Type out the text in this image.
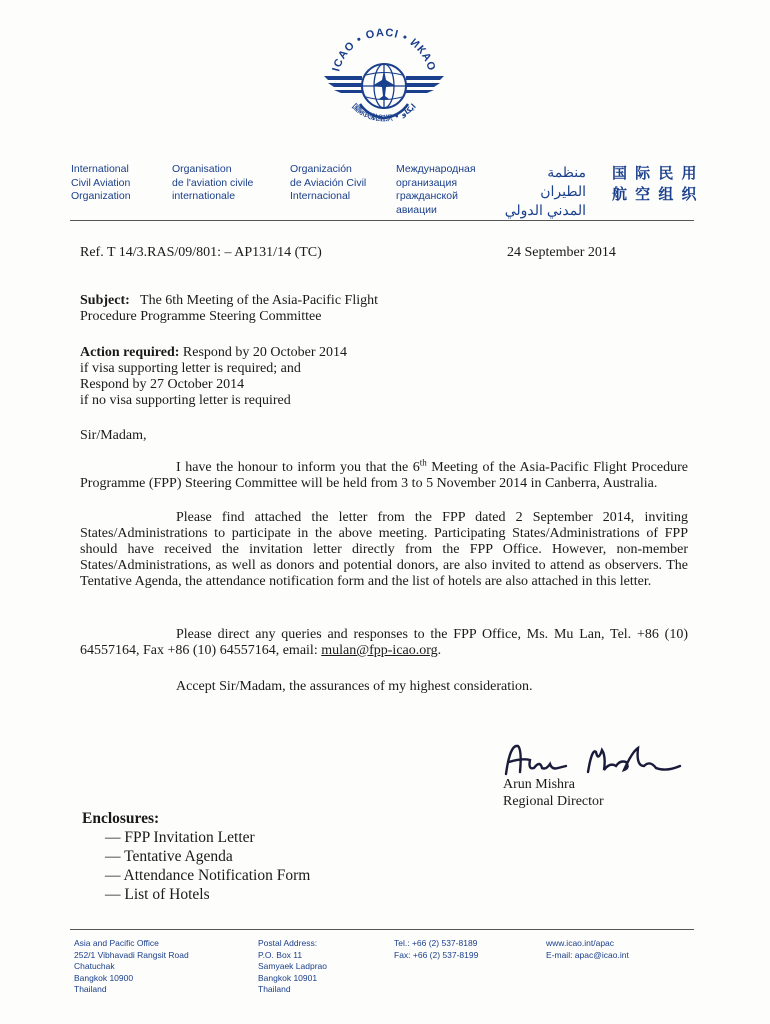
ICAO • OACI • ИКАО
国际民航组织 • ايكاو
International
Civil Aviation
Organization
Organisation
de l'aviation civile
internationale
Organización
de Aviación Civil
Internacional
Международная
организация
гражданской
авиации
منظمة الطيران
المدني الدولي
国 际 民 用
航 空 组 织
Ref. T 14/3.RAS/09/801: – AP131/14 (TC)	24 September 2014
Subject: The 6th Meeting of the Asia-Pacific Flight
Procedure Programme Steering Committee
Action required: Respond by 20 October 2014
if visa supporting letter is required; and
Respond by 27 October 2014
if no visa supporting letter is required
Sir/Madam,
I have the honour to inform you that the 6th Meeting of the Asia-Pacific Flight Procedure Programme (FPP) Steering Committee will be held from 3 to 5 November 2014 in Canberra, Australia.
Please find attached the letter from the FPP dated 2 September 2014, inviting States/Administrations to participate in the above meeting. Participating States/Administrations of FPP should have received the invitation letter directly from the FPP Office. However, non-member States/Administrations, as well as donors and potential donors, are also invited to attend as observers. The Tentative Agenda, the attendance notification form and the list of hotels are also attached in this letter.
Please direct any queries and responses to the FPP Office, Ms. Mu Lan, Tel. +86 (10) 64557164, Fax +86 (10) 64557164, email: mulan@fpp-icao.org.
Accept Sir/Madam, the assurances of my highest consideration.
Arun Mishra
Regional Director
Enclosures:
— FPP Invitation Letter
— Tentative Agenda
— Attendance Notification Form
— List of Hotels
Asia and Pacific Office
252/1 Vibhavadi Rangsit Road
Chatuchak
Bangkok 10900
Thailand
Postal Address:
P.O. Box 11
Samyaek Ladprao
Bangkok 10901
Thailand
Tel.: +66 (2) 537-8189
Fax: +66 (2) 537-8199
www.icao.int/apac
E-mail: apac@icao.int
